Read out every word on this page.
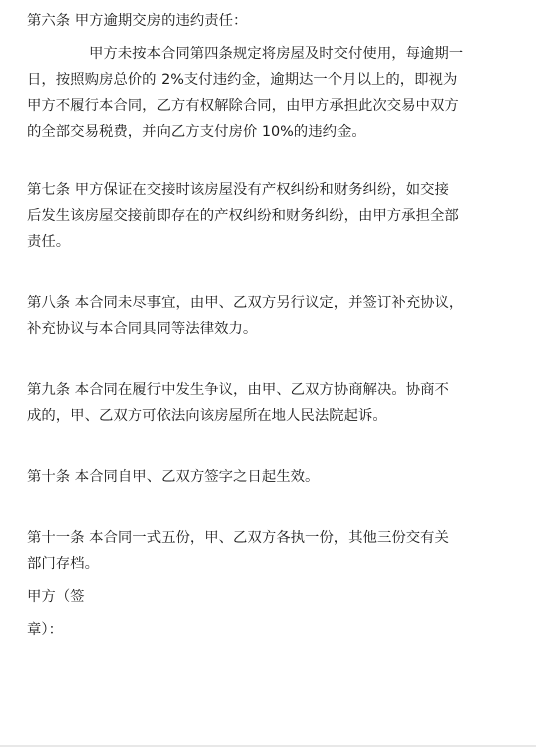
第六条 甲方逾期交房的违约责任：
甲方未按本合同第四条规定将房屋及时交付使用，每逾期一
日，按照购房总价的 2%支付违约金，逾期达一个月以上的，即视为
甲方不履行本合同，乙方有权解除合同，由甲方承担此次交易中双方
的全部交易税费，并向乙方支付房价 10%的违约金。
第七条 甲方保证在交接时该房屋没有产权纠纷和财务纠纷，如交接
后发生该房屋交接前即存在的产权纠纷和财务纠纷，由甲方承担全部
责任。
第八条 本合同未尽事宜，由甲、乙双方另行议定，并签订补充协议，
补充协议与本合同具同等法律效力。
第九条 本合同在履行中发生争议，由甲、乙双方协商解决。协商不
成的，甲、乙双方可依法向该房屋所在地人民法院起诉。
第十条 本合同自甲、乙双方签字之日起生效。
第十一条 本合同一式五份，甲、乙双方各执一份，其他三份交有关
部门存档。
甲方（签
章）：
